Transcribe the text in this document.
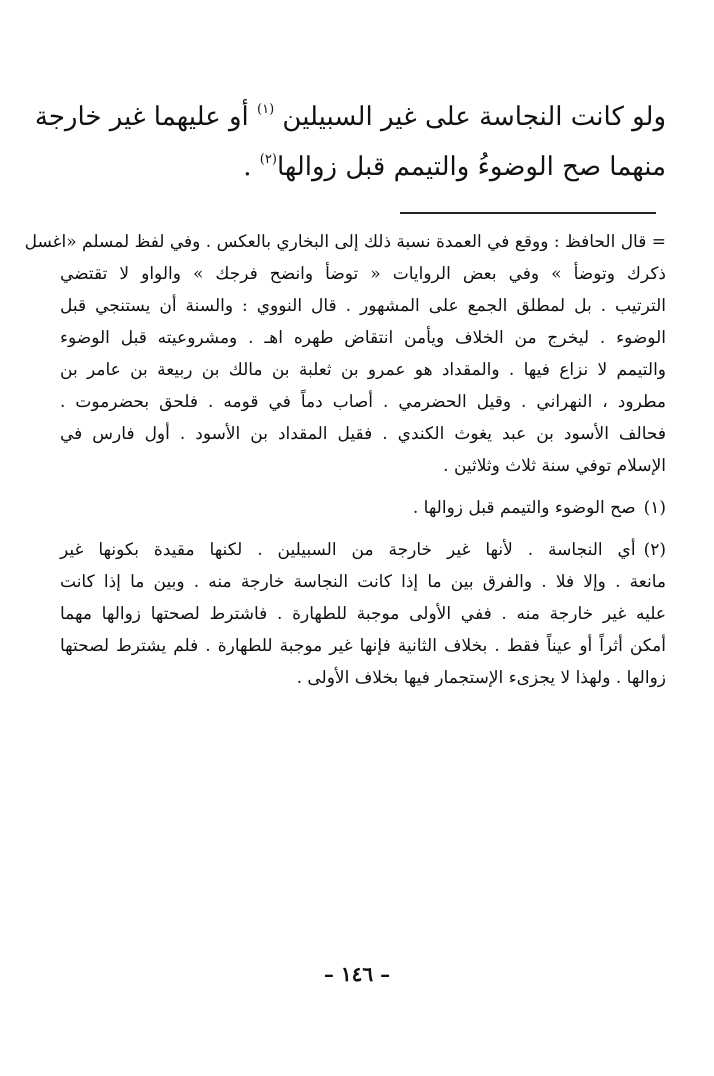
ولو كانت النجاسة على غير السبيلين $^{(١)}$ أو عليهما غير خارجة
منهما صح الوضوءُ والتيمم قبل زوالها$^{(٢)}$ .
= قال الحافظ : ووقع في العمدة نسبة ذلك إلى البخاري بالعكس . وفي لفظ لمسلم «اغسل
ذكرك وتوضأ » وفي بعض الروايات « توضأ وانضح فرجك » والواو لا تقتضي
الترتيب . بل لمطلق الجمع على المشهور . قال النووي : والسنة أن يستنجي قبل
الوضوء . ليخرج من الخلاف ويأمن انتقاض طهره اهـ . ومشروعيته قبل الوضوء
والتيمم لا نزاع فيها . والمقداد هو عمرو بن ثعلبة بن مالك بن ربيعة بن عامر بن
مطرود ، النهراني . وقيل الحضرمي . أصاب دماً في قومه . فلحق بحضرموت .
فحالف الأسود بن عبد يغوث الكندي . فقيل المقداد بن الأسود . أول فارس في
الإسلام توفي سنة ثلاث وثلاثين .
(١)صح الوضوء والتيمم قبل زوالها .
(٢)أي النجاسة . لأنها غير خارجة من السبيلين . لكنها مقيدة بكونها غير
مانعة . وإلا فلا . والفرق بين ما إذا كانت النجاسة خارجة منه . وبين ما إذا كانت
عليه غير خارجة منه . ففي الأولى موجبة للطهارة . فاشترط لصحتها زوالها مهما
أمكن أثراً أو عيناً فقط . بخلاف الثانية فإنها غير موجبة للطهارة . فلم يشترط لصحتها
زوالها . ولهذا لا يجزىء الإستجمار فيها بخلاف الأولى .
– ١٤٦ –
